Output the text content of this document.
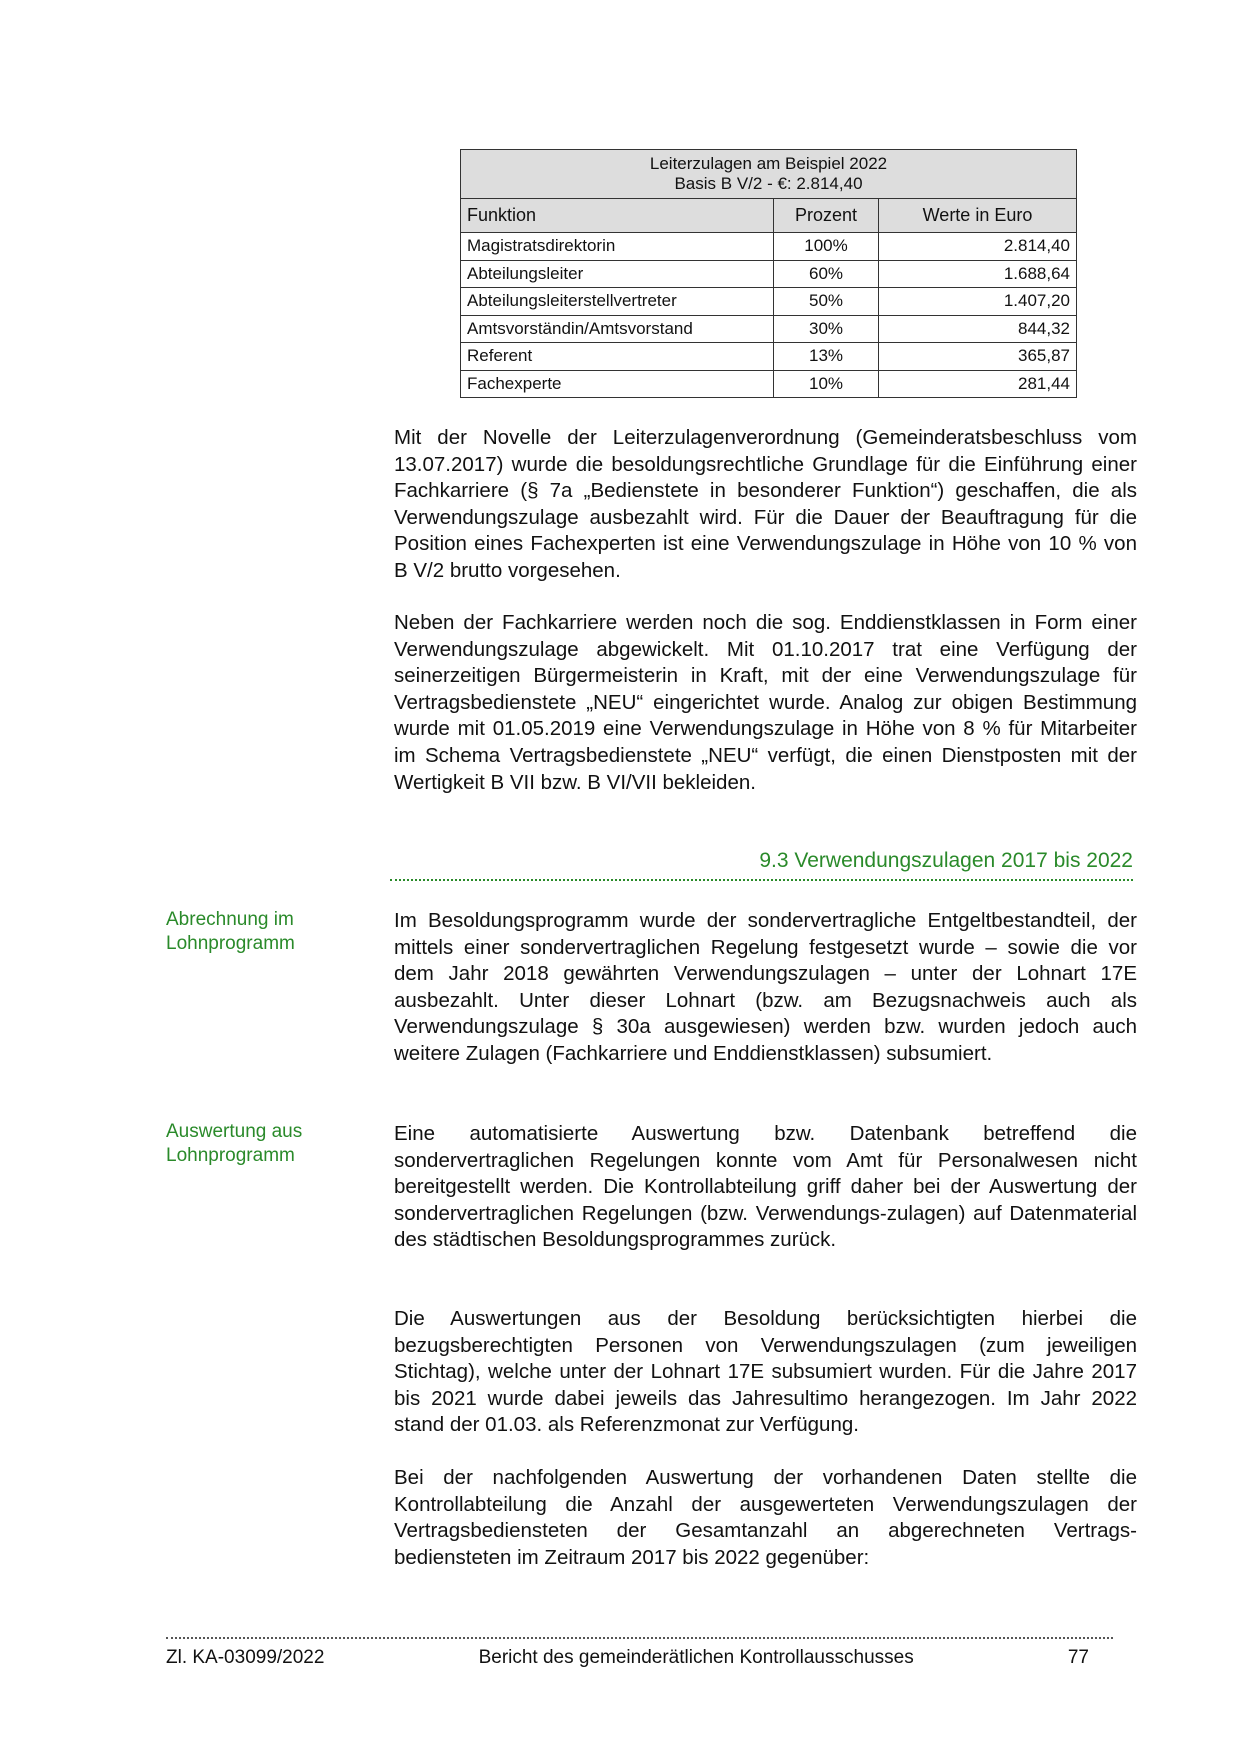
Leiterzulagen am Beispiel 2022
Basis B V/2 - €: 2.814,40		
Funktion	Prozent	Werte in Euro
Magistratsdirektorin	100%	2.814,40
Abteilungsleiter	60%	1.688,64
Abteilungsleiterstellvertreter	50%	1.407,20
Amtsvorständin/Amtsvorstand	30%	844,32
Referent	13%	365,87
Fachexperte	10%	281,44

Mit der Novelle der Leiterzulagenverordnung (Gemeinderatsbeschluss vom 13.07.2017) wurde die besoldungsrechtliche Grundlage für die Einführung einer Fachkarriere (§ 7a „Bedienstete in besonderer Funktion“) geschaffen, die als Verwendungszulage ausbezahlt wird. Für die Dauer der Beauftragung für die Position eines Fachexperten ist eine Verwendungszulage in Höhe von 10 % von B V/2 brutto vorgesehen.

Neben der Fachkarriere werden noch die sog. Enddienstklassen in Form einer Verwendungszulage abgewickelt. Mit 01.10.2017 trat eine Verfügung der seinerzeitigen Bürgermeisterin in Kraft, mit der eine Verwendungszulage für Vertragsbedienstete „NEU“ eingerichtet wurde. Analog zur obigen Bestimmung wurde mit 01.05.2019 eine Verwendungszulage in Höhe von 8 % für Mitarbeiter im Schema Vertragsbedienstete „NEU“ verfügt, die einen Dienstposten mit der Wertigkeit B VII bzw. B VI/VII bekleiden.

9.3 Verwendungszulagen 2017 bis 2022

Abrechnung im Lohnprogramm

Im Besoldungsprogramm wurde der sondervertragliche Entgeltbestandteil, der mittels einer sondervertraglichen Regelung festgesetzt wurde – sowie die vor dem Jahr 2018 gewährten Verwendungszulagen – unter der Lohnart 17E ausbezahlt. Unter dieser Lohnart (bzw. am Bezugsnachweis auch als Verwendungszulage § 30a ausgewiesen) werden bzw. wurden jedoch auch weitere Zulagen (Fachkarriere und Enddienstklassen) subsumiert.

Auswertung aus Lohnprogramm

Eine automatisierte Auswertung bzw. Datenbank betreffend die sondervertraglichen Regelungen konnte vom Amt für Personalwesen nicht bereitgestellt werden. Die Kontrollabteilung griff daher bei der Auswertung der sondervertraglichen Regelungen (bzw. Verwendungs-zulagen) auf Datenmaterial des städtischen Besoldungsprogrammes zurück.

Die Auswertungen aus der Besoldung berücksichtigten hierbei die bezugsberechtigten Personen von Verwendungszulagen (zum jeweiligen Stichtag), welche unter der Lohnart 17E subsumiert wurden. Für die Jahre 2017 bis 2021 wurde dabei jeweils das Jahresultimo herangezogen. Im Jahr 2022 stand der 01.03. als Referenzmonat zur Verfügung.

Bei der nachfolgenden Auswertung der vorhandenen Daten stellte die Kontrollabteilung die Anzahl der ausgewerteten Verwendungszulagen der Vertragsbediensteten der Gesamtanzahl an abgerechneten Vertrags-bediensteten im Zeitraum 2017 bis 2022 gegenüber:

Zl. KA-03099/2022	Bericht des gemeinderätlichen Kontrollausschusses	77
